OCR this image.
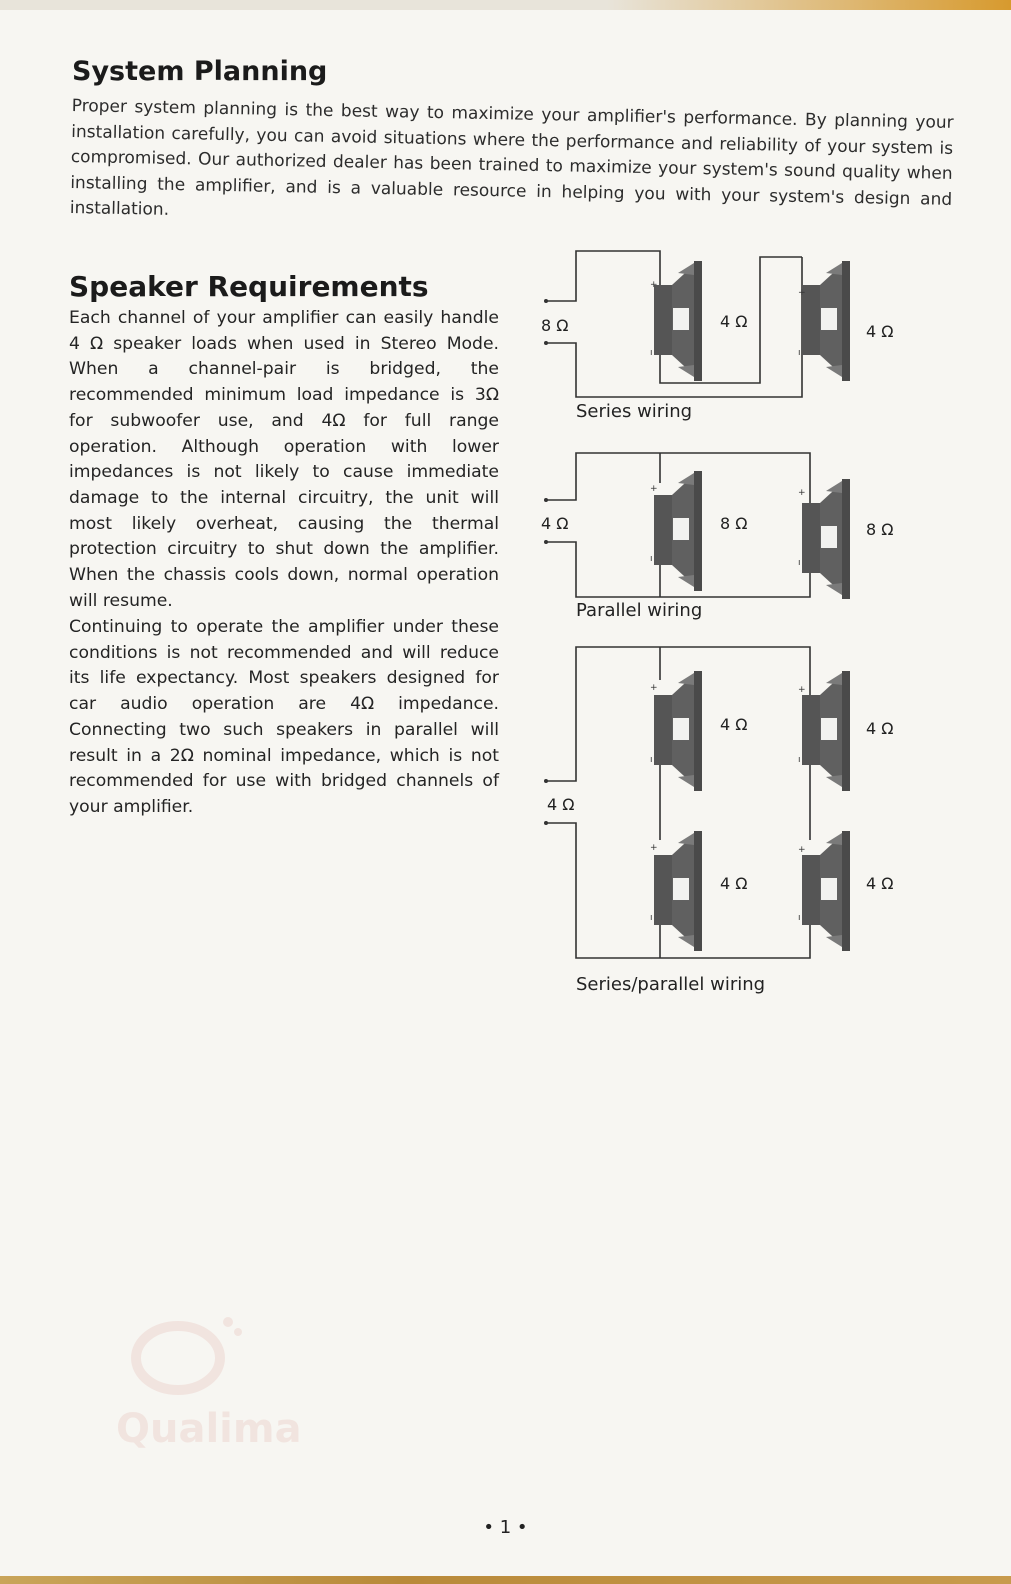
System Planning

Proper system planning is the best way to maximize your amplifier's performance. By planning your installation carefully, you can avoid situations where the performance and reliability of your system is compromised. Our authorized dealer has been trained to maximize your system's sound quality when installing the amplifier, and is a valuable resource in helping you with your system's design and installation.

Speaker Requirements

Each channel of your amplifier can easily handle 4 Ω speaker loads when used in Stereo Mode. When a channel-pair is bridged, the recommended minimum load impedance is 3Ω for subwoofer use, and 4Ω for full range operation. Although operation with lower impedances is not likely to cause immediate damage to the internal circuitry, the unit will most likely overheat, causing the thermal protection circuitry to shut down the amplifier. When the chassis cools down, normal operation will resume.

Continuing to operate the amplifier under these conditions is not recommended and will reduce its life expectancy. Most speakers designed for car audio operation are 4Ω impedance. Connecting two such speakers in parallel will result in a 2Ω nominal impedance, which is not recommended for use with bridged channels of your amplifier.

+
ı
+
ı
8 Ω	4 Ω
4 Ω
Series wiring
+
ı
+
ı
4 Ω	8 Ω	8 Ω
Parallel wiring
+
ı
+
ı
+
ı
+
ı
4 Ω
4 Ω	4 Ω
4 Ω	4 Ω
Series/parallel wiring
Qualima
• 1 •
